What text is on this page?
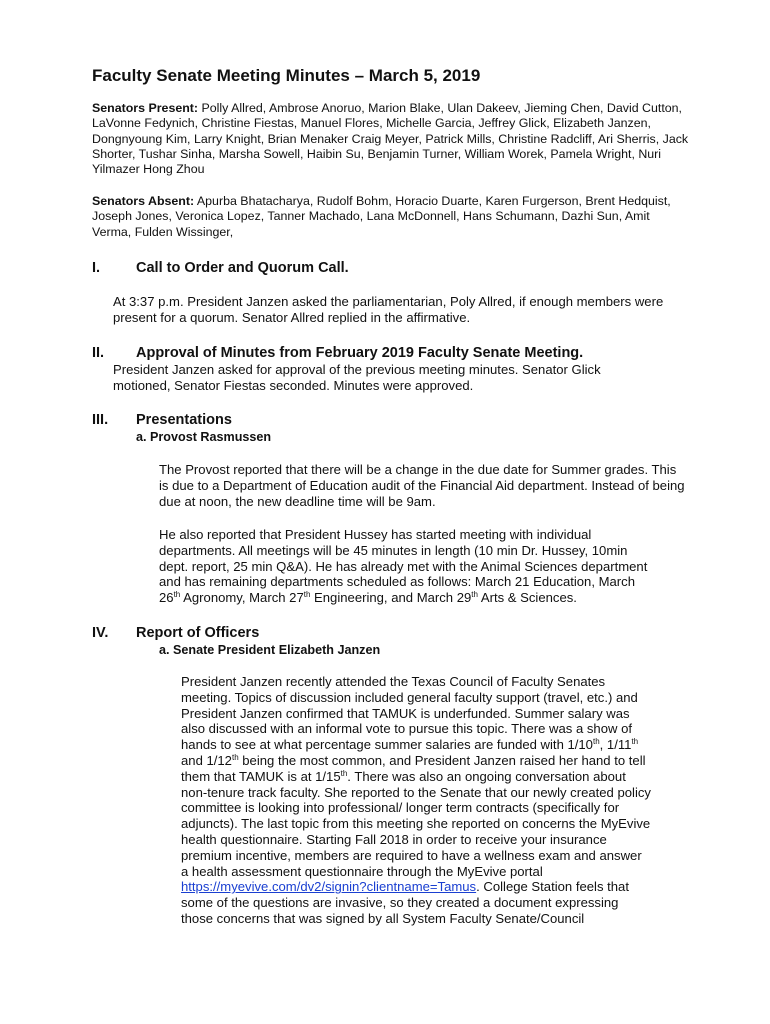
Faculty Senate Meeting Minutes – March 5, 2019
Senators Present: Polly Allred, Ambrose Anoruo, Marion Blake, Ulan Dakeev, Jieming Chen, David Cutton, LaVonne Fedynich, Christine Fiestas, Manuel Flores, Michelle Garcia, Jeffrey Glick, Elizabeth Janzen, Dongnyoung Kim, Larry Knight, Brian Menaker Craig Meyer, Patrick Mills, Christine Radcliff, Ari Sherris, Jack Shorter, Tushar Sinha, Marsha Sowell, Haibin Su, Benjamin Turner, William Worek, Pamela Wright, Nuri Yilmazer Hong Zhou
Senators Absent: Apurba Bhatacharya, Rudolf Bohm, Horacio Duarte, Karen Furgerson, Brent Hedquist, Joseph Jones, Veronica Lopez, Tanner Machado, Lana McDonnell, Hans Schumann, Dazhi Sun, Amit Verma, Fulden Wissinger,
I. Call to Order and Quorum Call.
At 3:37 p.m. President Janzen asked the parliamentarian, Poly Allred, if enough members were present for a quorum. Senator Allred replied in the affirmative.
II. Approval of Minutes from February 2019 Faculty Senate Meeting.
President Janzen asked for approval of the previous meeting minutes. Senator Glick motioned, Senator Fiestas seconded. Minutes were approved.
III. Presentations
a. Provost Rasmussen
The Provost reported that there will be a change in the due date for Summer grades. This is due to a Department of Education audit of the Financial Aid department. Instead of being due at noon, the new deadline time will be 9am.
He also reported that President Hussey has started meeting with individual
departments. All meetings will be 45 minutes in length (10 min Dr. Hussey, 10min
dept. report, 25 min Q&A). He has already met with the Animal Sciences department
and has remaining departments scheduled as follows: March 21 Education, March
26th Agronomy, March 27th Engineering, and March 29th Arts & Sciences.
IV. Report of Officers
a. Senate President Elizabeth Janzen
President Janzen recently attended the Texas Council of Faculty Senates
meeting. Topics of discussion included general faculty support (travel, etc.) and
President Janzen confirmed that TAMUK is underfunded. Summer salary was
also discussed with an informal vote to pursue this topic. There was a show of
hands to see at what percentage summer salaries are funded with 1/10th, 1/11th
and 1/12th being the most common, and President Janzen raised her hand to tell
them that TAMUK is at 1/15th. There was also an ongoing conversation about
non-tenure track faculty. She reported to the Senate that our newly created policy
committee is looking into professional/ longer term contracts (specifically for
adjuncts). The last topic from this meeting she reported on concerns the MyEvive
health questionnaire. Starting Fall 2018 in order to receive your insurance
premium incentive, members are required to have a wellness exam and answer
a health assessment questionnaire through the MyEvive portal
https://myevive.com/dv2/signin?clientname=Tamus. College Station feels that
some of the questions are invasive, so they created a document expressing
those concerns that was signed by all System Faculty Senate/Council
